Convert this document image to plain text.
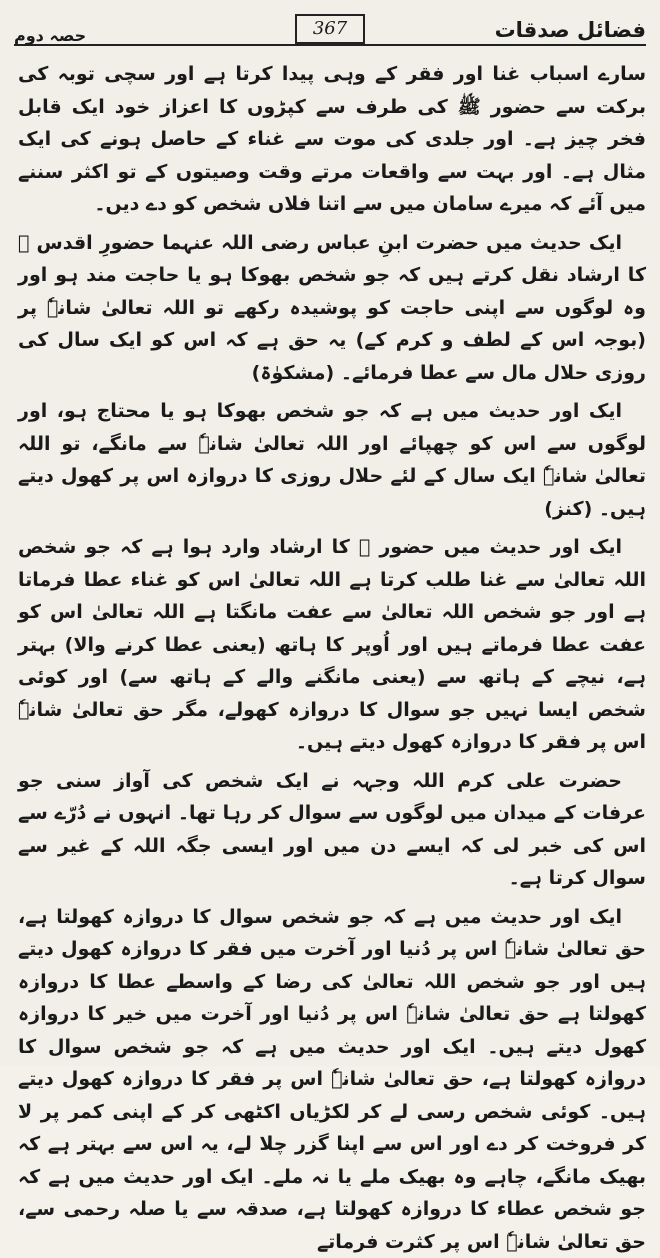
فضائل صدقات
367
حصہ دوم

سارے اسباب غنا اور فقر کے وہی پیدا کرتا ہے اور سچی توبہ کی برکت سے حضور ﷺ کی طرف سے کپڑوں کا اعزاز خود ایک قابل فخر چیز ہے۔ اور جلدی کی موت سے غناء کے حاصل ہونے کی ایک مثال ہے۔ اور بہت سے واقعات مرتے وقت وصیتوں کے تو اکثر سننے میں آئے کہ میرے سامان میں سے اتنا فلاں شخص کو دے دیں۔

ایک حدیث میں حضرت ابنِ عباس رضی اللہ عنہما حضورِ اقدس ﷺ کا ارشاد نقل کرتے ہیں کہ جو شخص بھوکا ہو یا حاجت مند ہو اور وہ لوگوں سے اپنی حاجت کو پوشیدہ رکھے تو اللہ تعالیٰ شانہٗ پر (بوجہ اس کے لطف و کرم کے) یہ حق ہے کہ اس کو ایک سال کی روزی حلال مال سے عطا فرمائے۔ (مشکوٰۃ)

ایک اور حدیث میں ہے کہ جو شخص بھوکا ہو یا محتاج ہو، اور لوگوں سے اس کو چھپائے اور اللہ تعالیٰ شانہٗ سے مانگے، تو اللہ تعالیٰ شانہٗ ایک سال کے لئے حلال روزی کا دروازہ اس پر کھول دیتے ہیں۔ (کنز)

ایک اور حدیث میں حضور ﷺ کا ارشاد وارد ہوا ہے کہ جو شخص اللہ تعالیٰ سے غنا طلب کرتا ہے اللہ تعالیٰ اس کو غناء عطا فرماتا ہے اور جو شخص اللہ تعالیٰ سے عفت مانگتا ہے اللہ تعالیٰ اس کو عفت عطا فرماتے ہیں اور اُوپر کا ہاتھ (یعنی عطا کرنے والا) بہتر ہے، نیچے کے ہاتھ سے (یعنی مانگنے والے کے ہاتھ سے) اور کوئی شخص ایسا نہیں جو سوال کا دروازہ کھولے، مگر حق تعالیٰ شانہٗ اس پر فقر کا دروازہ کھول دیتے ہیں۔

حضرت علی کرم اللہ وجہہ نے ایک شخص کی آواز سنی جو عرفات کے میدان میں لوگوں سے سوال کر رہا تھا۔ انہوں نے دُرّے سے اس کی خبر لی کہ ایسے دن میں اور ایسی جگہ اللہ کے غیر سے سوال کرتا ہے۔

ایک اور حدیث میں ہے کہ جو شخص سوال کا دروازہ کھولتا ہے، حق تعالیٰ شانہٗ اس پر دُنیا اور آخرت میں فقر کا دروازہ کھول دیتے ہیں اور جو شخص اللہ تعالیٰ کی رضا کے واسطے عطا کا دروازہ کھولتا ہے حق تعالیٰ شانہٗ اس پر دُنیا اور آخرت میں خیر کا دروازہ کھول دیتے ہیں۔ ایک اور حدیث میں ہے کہ جو شخص سوال کا دروازہ کھولتا ہے، حق تعالیٰ شانہٗ اس پر فقر کا دروازہ کھول دیتے ہیں۔ کوئی شخص رسی لے کر لکڑیاں اکٹھی کر کے اپنی کمر پر لا کر فروخت کر دے اور اس سے اپنا گزر چلا لے، یہ اس سے بہتر ہے کہ بھیک مانگے، چاہے وہ بھیک ملے یا نہ ملے۔ ایک اور حدیث میں ہے کہ جو شخص عطاء کا دروازہ کھولتا ہے، صدقہ سے یا صلہ رحمی سے، حق تعالیٰ شانہٗ اس پر کثرت فرماتے
